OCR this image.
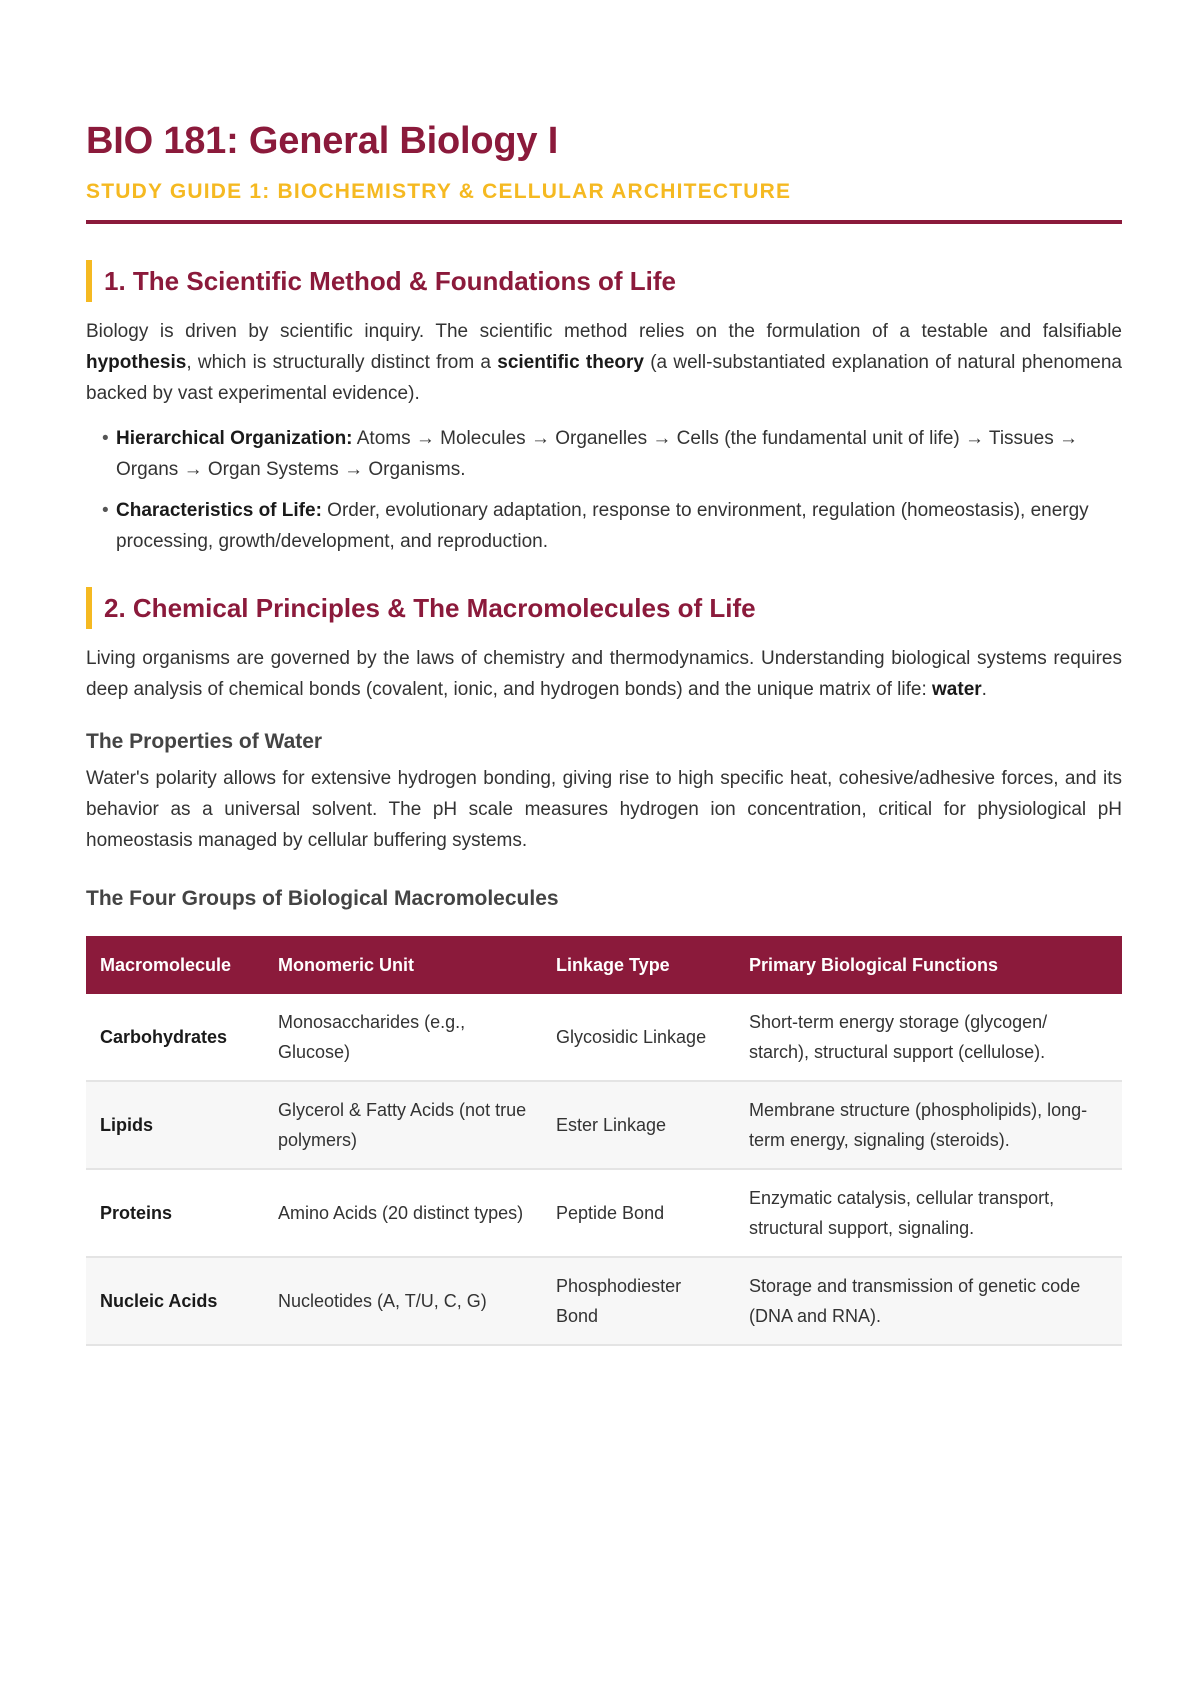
BIO 181: General Biology I
STUDY GUIDE 1: BIOCHEMISTRY & CELLULAR ARCHITECTURE
1. The Scientific Method & Foundations of Life

Biology is driven by scientific inquiry. The scientific method relies on the formulation of a testable and falsifiable hypothesis, which is structurally distinct from a scientific theory (a well-substantiated explanation of natural phenomena backed by vast experimental evidence).

• Hierarchical Organization: Atoms → Molecules → Organelles → Cells (the fundamental unit of life) → Tissues → Organs → Organ Systems → Organisms.
• Characteristics of Life: Order, evolutionary adaptation, response to environment, regulation (homeostasis), energy processing, growth/development, and reproduction.
2. Chemical Principles & The Macromolecules of Life

Living organisms are governed by the laws of chemistry and thermodynamics. Understanding biological systems requires deep analysis of chemical bonds (covalent, ionic, and hydrogen bonds) and the unique matrix of life: water.

The Properties of Water

Water's polarity allows for extensive hydrogen bonding, giving rise to high specific heat, cohesive/adhesive forces, and its behavior as a universal solvent. The pH scale measures hydrogen ion concentration, critical for physiological pH homeostasis managed by cellular buffering systems.

The Four Groups of Biological Macromolecules
Macromolecule	Monomeric Unit	Linkage Type	Primary Biological Functions
Carbohydrates	Monosaccharides (e.g., Glucose)	Glycosidic Linkage	Short-term energy storage (glycogen/ starch), structural support (cellulose).
Lipids	Glycerol & Fatty Acids (not true polymers)	Ester Linkage	Membrane structure (phospholipids), long-term energy, signaling (steroids).
Proteins	Amino Acids (20 distinct types)	Peptide Bond	Enzymatic catalysis, cellular transport, structural support, signaling.
Nucleic Acids	Nucleotides (A, T/U, C, G)	Phosphodiester Bond	Storage and transmission of genetic code (DNA and RNA).
